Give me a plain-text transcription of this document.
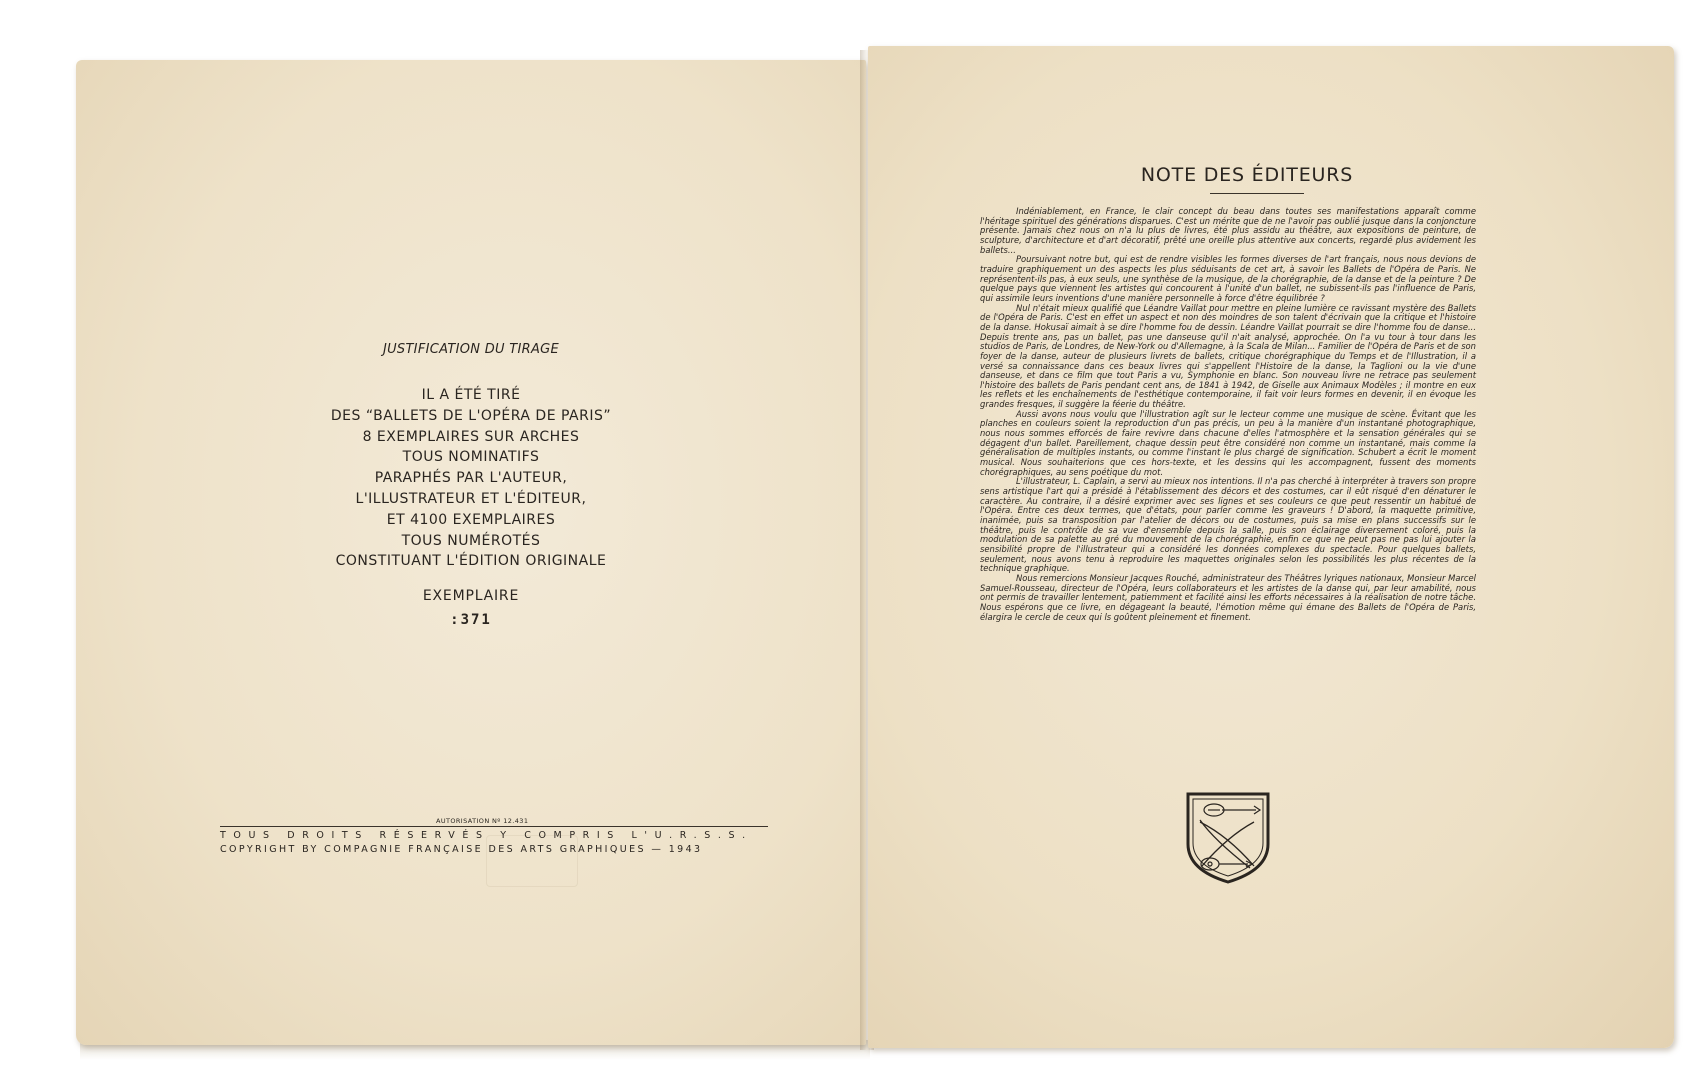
JUSTIFICATION DU TIRAGE
IL A ÉTÉ TIRÉ
DES “BALLETS DE L'OPÉRA DE PARIS”
8 EXEMPLAIRES SUR ARCHES
TOUS NOMINATIFS
PARAPHÉS PAR L'AUTEUR,
L'ILLUSTRATEUR ET L'ÉDITEUR,
ET 4100 EXEMPLAIRES
TOUS NUMÉROTÉS
CONSTITUANT L'ÉDITION ORIGINALE
EXEMPLAIRE
:371
AUTORISATION Nº 12.431
TOUS DROITS RÉSERVÉS Y COMPRIS L'U.R.S.S.
COPYRIGHT BY COMPAGNIE FRANÇAISE DES ARTS GRAPHIQUES — 1943
NOTE DES ÉDITEURS

Indéniablement, en France, le clair concept du beau dans toutes ses manifestations apparaît comme l'héritage spirituel des générations disparues. C'est un mérite que de ne l'avoir pas oublié jusque dans la conjoncture présente. Jamais chez nous on n'a lu plus de livres, été plus assidu au théâtre, aux expositions de peinture, de sculpture, d'architecture et d'art décoratif, prêté une oreille plus attentive aux concerts, regardé plus avidement les ballets...

Poursuivant notre but, qui est de rendre visibles les formes diverses de l'art français, nous nous devions de traduire graphiquement un des aspects les plus séduisants de cet art, à savoir les Ballets de l'Opéra de Paris. Ne représentent-ils pas, à eux seuls, une synthèse de la musique, de la chorégraphie, de la danse et de la peinture ? De quelque pays que viennent les artistes qui concourent à l'unité d'un ballet, ne subissent-ils pas l'influence de Paris, qui assimile leurs inventions d'une manière personnelle à force d'être équilibrée ?

Nul n'était mieux qualifié que Léandre Vaillat pour mettre en pleine lumière ce ravissant mystère des Ballets de l'Opéra de Paris. C'est en effet un aspect et non des moindres de son talent d'écrivain que la critique et l'histoire de la danse. Hokusaï aimait à se dire l'homme fou de dessin. Léandre Vaillat pourrait se dire l'homme fou de danse... Depuis trente ans, pas un ballet, pas une danseuse qu'il n'ait analysé, approchée. On l'a vu tour à tour dans les studios de Paris, de Londres, de New-York ou d'Allemagne, à la Scala de Milan... Familier de l'Opéra de Paris et de son foyer de la danse, auteur de plusieurs livrets de ballets, critique chorégraphique du Temps et de l'Illustration, il a versé sa connaissance dans ces beaux livres qui s'appellent l'Histoire de la danse, la Taglioni ou la vie d'une danseuse, et dans ce film que tout Paris a vu, Symphonie en blanc. Son nouveau livre ne retrace pas seulement l'histoire des ballets de Paris pendant cent ans, de 1841 à 1942, de Giselle aux Animaux Modèles ; il montre en eux les reflets et les enchaînements de l'esthétique contemporaine, il fait voir leurs formes en devenir, il en évoque les grandes fresques, il suggère la féerie du théâtre.

Aussi avons nous voulu que l'illustration agît sur le lecteur comme une musique de scène. Évitant que les planches en couleurs soient la reproduction d'un pas précis, un peu à la manière d'un instantané photographique, nous nous sommes efforcés de faire revivre dans chacune d'elles l'atmosphère et la sensation générales qui se dégagent d'un ballet. Pareillement, chaque dessin peut être considéré non comme un instantané, mais comme la généralisation de multiples instants, ou comme l'instant le plus chargé de signification. Schubert a écrit le moment musical. Nous souhaiterions que ces hors-texte, et les dessins qui les accompagnent, fussent des moments chorégraphiques, au sens poétique du mot.

L'illustrateur, L. Caplain, a servi au mieux nos intentions. Il n'a pas cherché à interpréter à travers son propre sens artistique l'art qui a présidé à l'établissement des décors et des costumes, car il eût risqué d'en dénaturer le caractère. Au contraire, il a désiré exprimer avec ses lignes et ses couleurs ce que peut ressentir un habitué de l'Opéra. Entre ces deux termes, que d'états, pour parler comme les graveurs ! D'abord, la maquette primitive, inanimée, puis sa transposition par l'atelier de décors ou de costumes, puis sa mise en plans successifs sur le théâtre, puis le contrôle de sa vue d'ensemble depuis la salle, puis son éclairage diversement coloré, puis la modulation de sa palette au gré du mouvement de la chorégraphie, enfin ce que ne peut pas ne pas lui ajouter la sensibilité propre de l'illustrateur qui a considéré les données complexes du spectacle. Pour quelques ballets, seulement, nous avons tenu à reproduire les maquettes originales selon les possibilités les plus récentes de la technique graphique.

Nous remercions Monsieur Jacques Rouché, administrateur des Théâtres lyriques nationaux, Monsieur Marcel Samuel-Rousseau, directeur de l'Opéra, leurs collaborateurs et les artistes de la danse qui, par leur amabilité, nous ont permis de travailler lentement, patiemment et facilité ainsi les efforts nécessaires à la réalisation de notre tâche. Nous espérons que ce livre, en dégageant la beauté, l'émotion même qui émane des Ballets de l'Opéra de Paris, élargira le cercle de ceux qui ls goûtent pleinement et finement.
